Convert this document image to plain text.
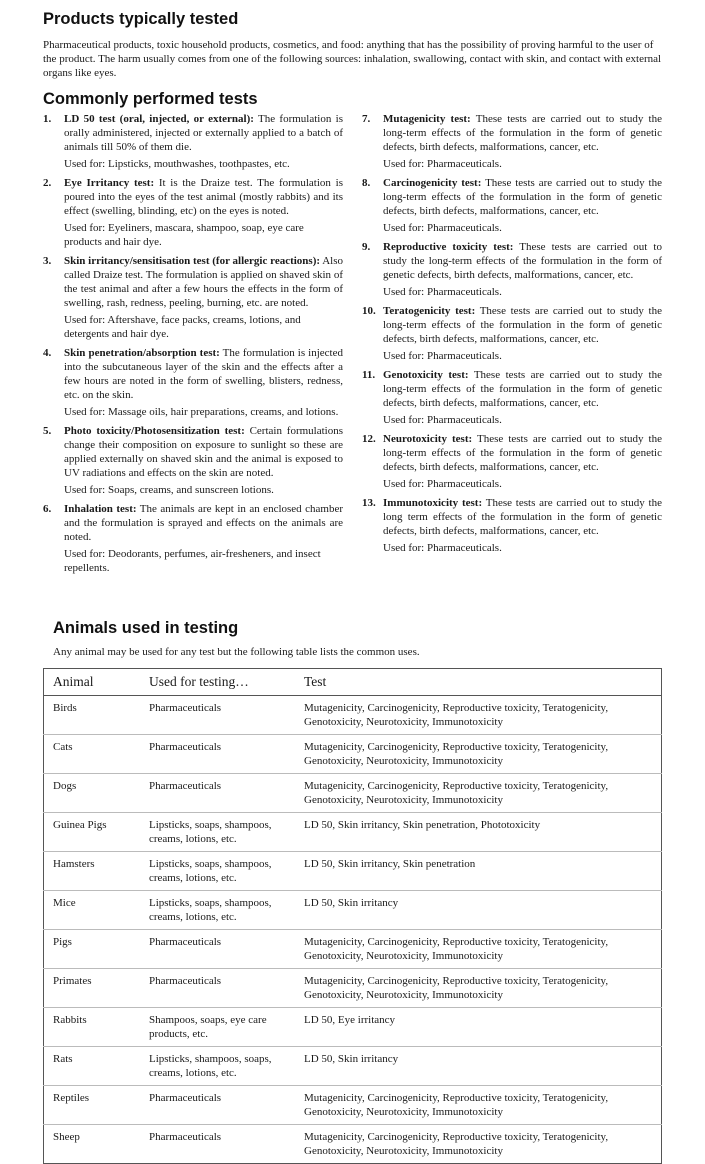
Products typically tested

Pharmaceutical products, toxic household products, cosmetics, and food: anything that has the possibility of proving harmful to the user of the product. The harm usually comes from one of the following sources: inhalation, swallowing, contact with skin, and contact with external organs like eyes.

Commonly performed tests
1. LD 50 test (oral, injected, or external): The formulation is orally administered, injected or externally applied to a batch of animals till 50% of them die.
Used for: Lipsticks, mouthwashes, toothpastes, etc.
2. Eye Irritancy test: It is the Draize test. The formulation is poured into the eyes of the test animal (mostly rabbits) and its effect (swelling, blinding, etc) on the eyes is noted.
Used for: Eyeliners, mascara, shampoo, soap, eye care products and hair dye.
3. Skin irritancy/sensitisation test (for allergic reactions): Also called Draize test. The formulation is applied on shaved skin of the test animal and after a few hours the effects in the form of swelling, rash, redness, peeling, burning, etc. are noted.
Used for: Aftershave, face packs, creams, lotions, and detergents and hair dye.
4. Skin penetration/absorption test: The formulation is injected into the subcutaneous layer of the skin and the effects after a few hours are noted in the form of swelling, blisters, redness, etc. on the skin.
Used for: Massage oils, hair preparations, creams, and lotions.
5. Photo toxicity/Photosensitization test: Certain formulations change their composition on exposure to sunlight so these are applied externally on shaved skin and the animal is exposed to UV radiations and effects on the skin are noted.
Used for: Soaps, creams, and sunscreen lotions.
6. Inhalation test: The animals are kept in an enclosed chamber and the formulation is sprayed and effects on the animals are noted.
Used for: Deodorants, perfumes, air-fresheners, and insect repellents.
7. Mutagenicity test: These tests are carried out to study the long-term effects of the formulation in the form of genetic defects, birth defects, malformations, cancer, etc.
Used for: Pharmaceuticals.
8. Carcinogenicity test: These tests are carried out to study the long-term effects of the formulation in the form of genetic defects, birth defects, malformations, cancer, etc.
Used for: Pharmaceuticals.
9. Reproductive toxicity test: These tests are carried out to study the long-term effects of the formulation in the form of genetic defects, birth defects, malformations, cancer, etc.
Used for: Pharmaceuticals.
10. Teratogenicity test: These tests are carried out to study the long-term effects of the formulation in the form of genetic defects, birth defects, malformations, cancer, etc.
Used for: Pharmaceuticals.
11. Genotoxicity test: These tests are carried out to study the long-term effects of the formulation in the form of genetic defects, birth defects, malformations, cancer, etc.
Used for: Pharmaceuticals.
12. Neurotoxicity test: These tests are carried out to study the long-term effects of the formulation in the form of genetic defects, birth defects, malformations, cancer, etc.
Used for: Pharmaceuticals.
13. Immunotoxicity test: These tests are carried out to study the long term effects of the formulation in the form of genetic defects, birth defects, malformations, cancer, etc.
Used for: Pharmaceuticals.
Animals used in testing

Any animal may be used for any test but the following table lists the common uses.

Animal	Used for testing…	Test
Birds	Pharmaceuticals	Mutagenicity, Carcinogenicity, Reproductive toxicity, Teratogenicity, Genotoxicity, Neurotoxicity, Immunotoxicity
Cats	Pharmaceuticals	Mutagenicity, Carcinogenicity, Reproductive toxicity, Teratogenicity, Genotoxicity, Neurotoxicity, Immunotoxicity
Dogs	Pharmaceuticals	Mutagenicity, Carcinogenicity, Reproductive toxicity, Teratogenicity, Genotoxicity, Neurotoxicity, Immunotoxicity
Guinea Pigs	Lipsticks, soaps, shampoos, creams, lotions, etc.	LD 50, Skin irritancy, Skin penetration, Phototoxicity
Hamsters	Lipsticks, soaps, shampoos, creams, lotions, etc.	LD 50, Skin irritancy, Skin penetration
Mice	Lipsticks, soaps, shampoos, creams, lotions, etc.	LD 50, Skin irritancy
Pigs	Pharmaceuticals	Mutagenicity, Carcinogenicity, Reproductive toxicity, Teratogenicity, Genotoxicity, Neurotoxicity, Immunotoxicity
Primates	Pharmaceuticals	Mutagenicity, Carcinogenicity, Reproductive toxicity, Teratogenicity, Genotoxicity, Neurotoxicity, Immunotoxicity
Rabbits	Shampoos, soaps, eye care products, etc.	LD 50, Eye irritancy
Rats	Lipsticks, shampoos, soaps, creams, lotions, etc.	LD 50, Skin irritancy
Reptiles	Pharmaceuticals	Mutagenicity, Carcinogenicity, Reproductive toxicity, Teratogenicity, Genotoxicity, Neurotoxicity, Immunotoxicity
Sheep	Pharmaceuticals	Mutagenicity, Carcinogenicity, Reproductive toxicity, Teratogenicity, Genotoxicity, Neurotoxicity, Immunotoxicity
